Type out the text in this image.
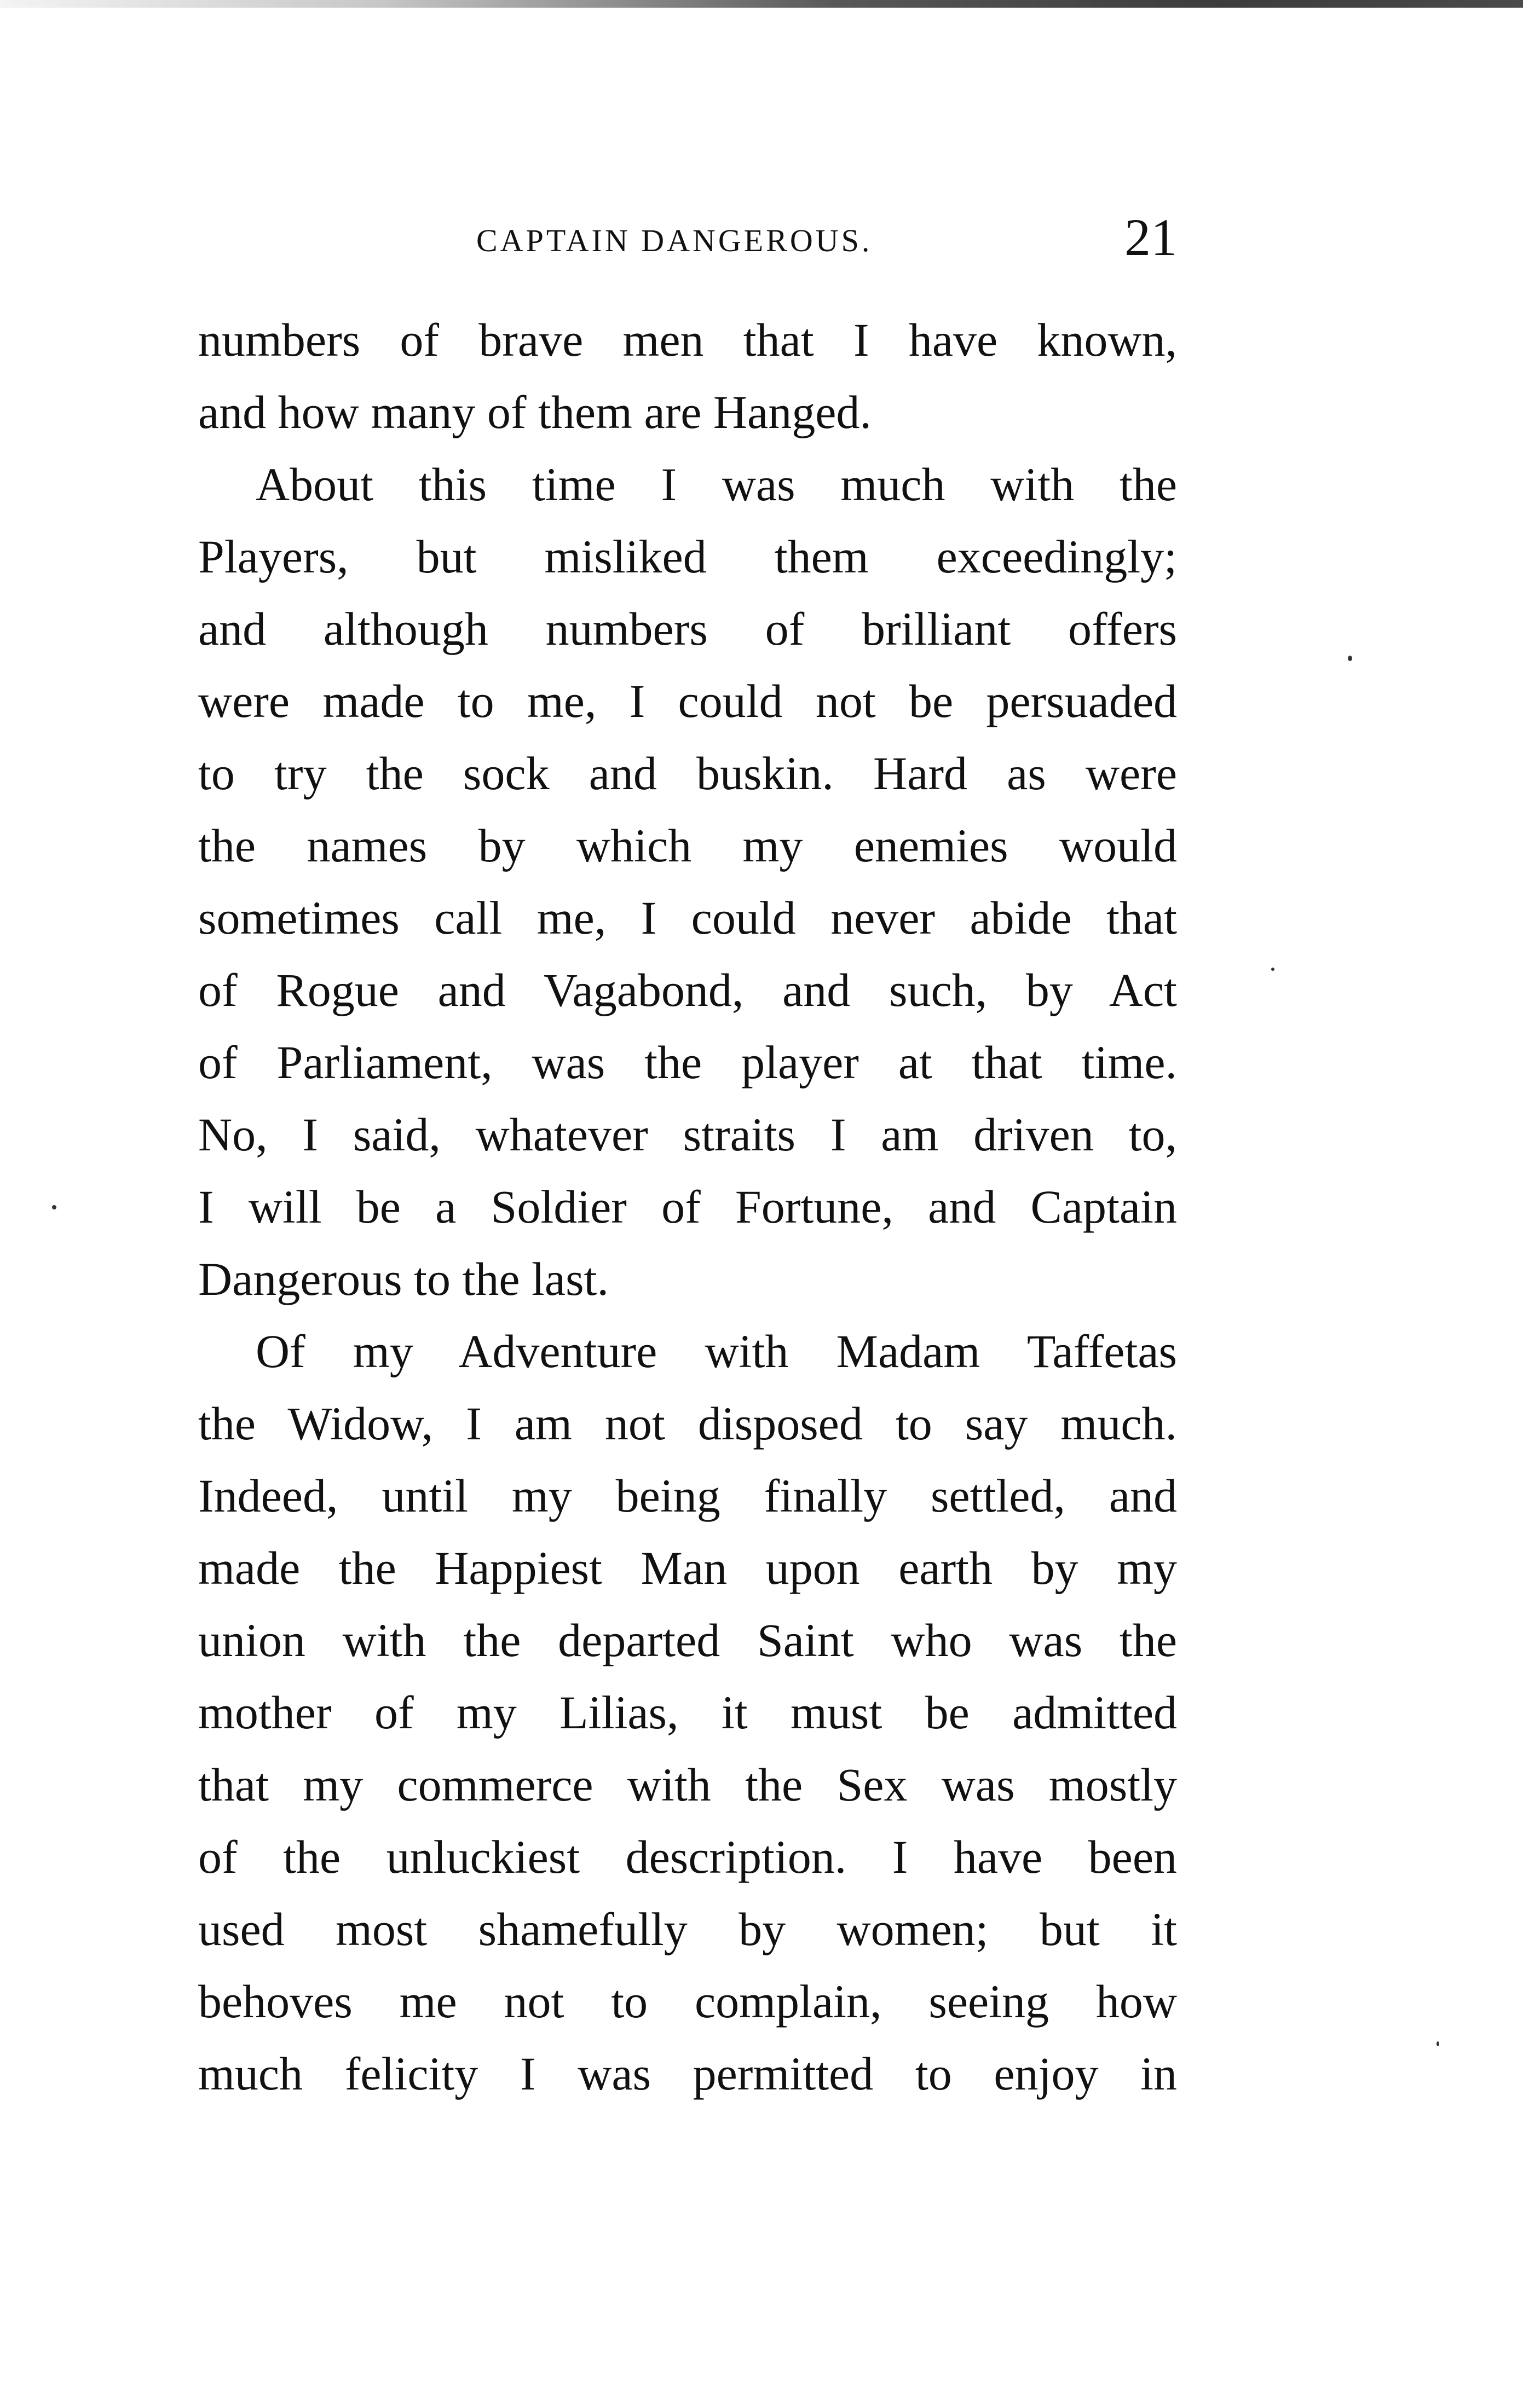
CAPTAIN DANGEROUS.	21
numbers of brave men that I have known,
and how many of them are Hanged.
About this time I was much with the
Players, but misliked them exceedingly;
and although numbers of brilliant offers
were made to me, I could not be persuaded
to try the sock and buskin. Hard as were
the names by which my enemies would
sometimes call me, I could never abide that
of Rogue and Vagabond, and such, by Act
of Parliament, was the player at that time.
No, I said, whatever straits I am driven to,
I will be a Soldier of Fortune, and Captain
Dangerous to the last.
Of my Adventure with Madam Taffetas
the Widow, I am not disposed to say much.
Indeed, until my being finally settled, and
made the Happiest Man upon earth by my
union with the departed Saint who was the
mother of my Lilias, it must be admitted
that my commerce with the Sex was mostly
of the unluckiest description. I have been
used most shamefully by women; but it
behoves me not to complain, seeing how
much felicity I was permitted to enjoy in
